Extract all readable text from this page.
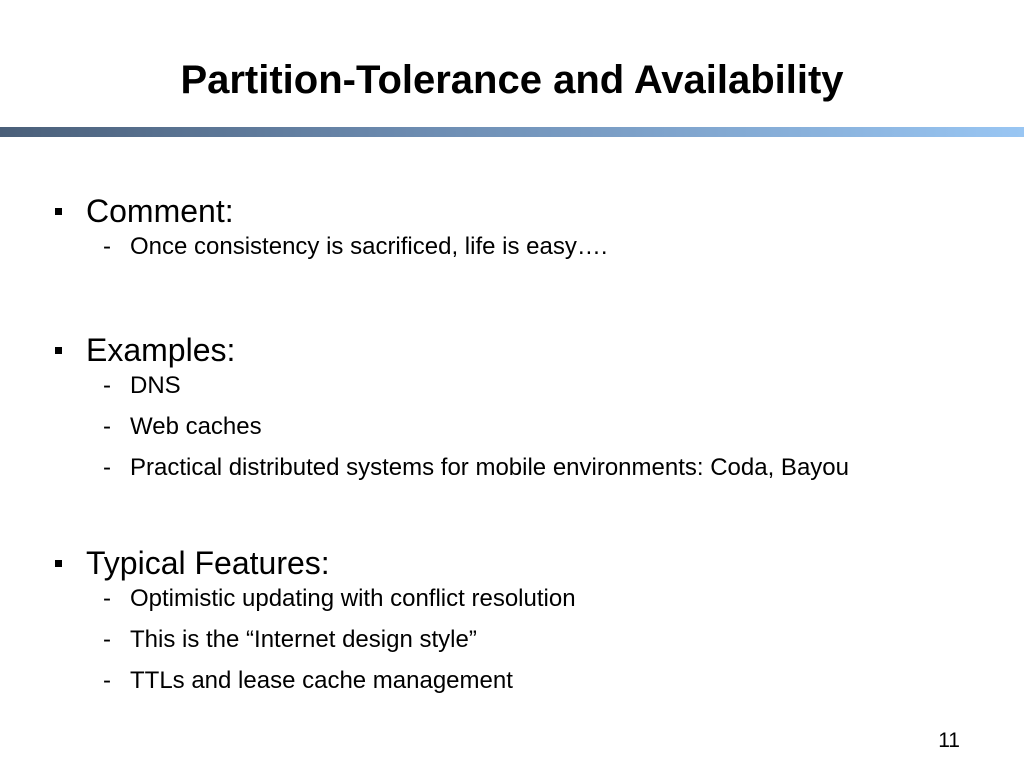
Partition-Tolerance and Availability
Comment:
- Once consistency is sacrificed, life is easy….
Examples:
- DNS
- Web caches
- Practical distributed systems for mobile environments: Coda, Bayou
Typical Features:
- Optimistic updating with conflict resolution
- This is the “Internet design style”
- TTLs and lease cache management
11
